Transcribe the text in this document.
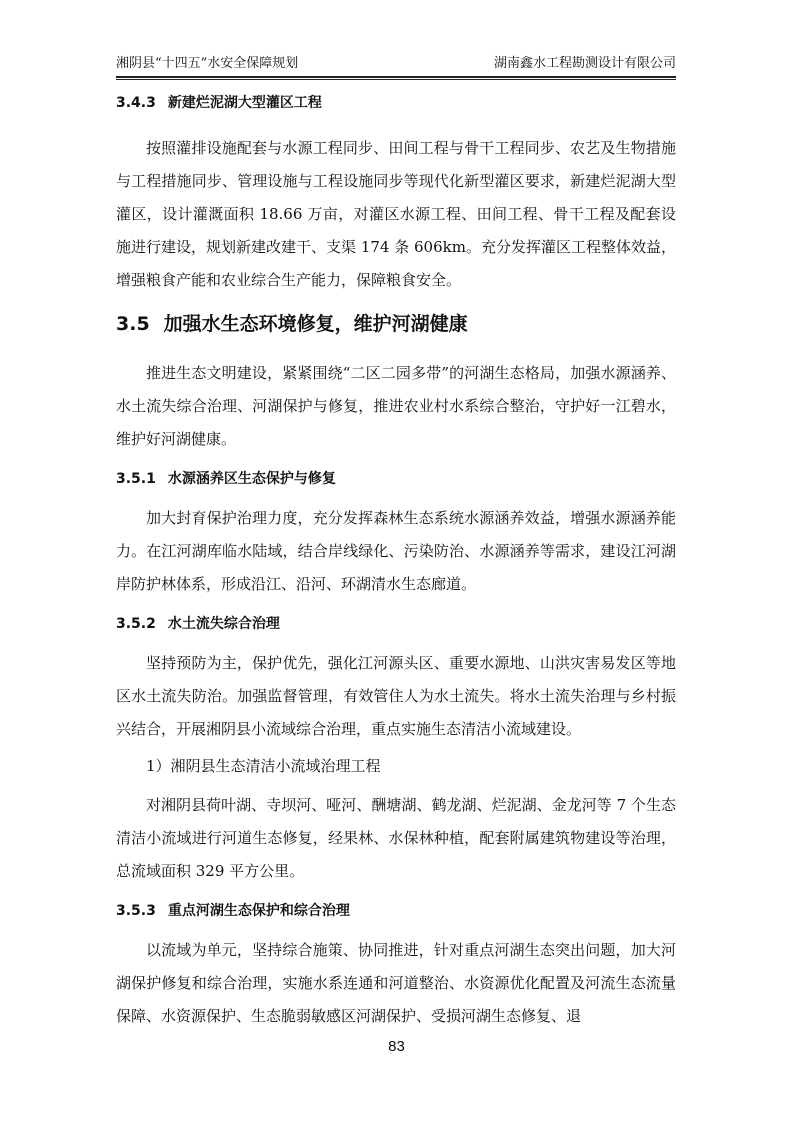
湘阴县“十四五”水安全保障规划	湖南鑫水工程勘测设计有限公司
3.4.3 新建烂泥湖大型灌区工程

按照灌排设施配套与水源工程同步、田间工程与骨干工程同步、农艺及生物措施与工程措施同步、管理设施与工程设施同步等现代化新型灌区要求，新建烂泥湖大型灌区，设计灌溉面积 18.66 万亩，对灌区水源工程、田间工程、骨干工程及配套设施进行建设，规划新建改建干、支渠 174 条 606km。充分发挥灌区工程整体效益，增强粮食产能和农业综合生产能力，保障粮食安全。

3.5 加强水生态环境修复，维护河湖健康

推进生态文明建设，紧紧围绕“二区二园多带”的河湖生态格局，加强水源涵养、水土流失综合治理、河湖保护与修复，推进农业村水系综合整治，守护好一江碧水，维护好河湖健康。

3.5.1 水源涵养区生态保护与修复

加大封育保护治理力度，充分发挥森林生态系统水源涵养效益，增强水源涵养能力。在江河湖库临水陆域，结合岸线绿化、污染防治、水源涵养等需求，建设江河湖岸防护林体系，形成沿江、沿河、环湖清水生态廊道。

3.5.2 水土流失综合治理

坚持预防为主，保护优先，强化江河源头区、重要水源地、山洪灾害易发区等地区水土流失防治。加强监督管理，有效管住人为水土流失。将水土流失治理与乡村振兴结合，开展湘阴县小流域综合治理，重点实施生态清洁小流域建设。

1）湘阴县生态清洁小流域治理工程

对湘阴县荷叶湖、寺坝河、哑河、酬塘湖、鹤龙湖、烂泥湖、金龙河等 7 个生态清洁小流域进行河道生态修复，经果林、水保林种植，配套附属建筑物建设等治理，总流域面积 329 平方公里。

3.5.3 重点河湖生态保护和综合治理

以流域为单元，坚持综合施策、协同推进，针对重点河湖生态突出问题，加大河湖保护修复和综合治理，实施水系连通和河道整治、水资源优化配置及河流生态流量保障、水资源保护、生态脆弱敏感区河湖保护、受损河湖生态修复、退

83
